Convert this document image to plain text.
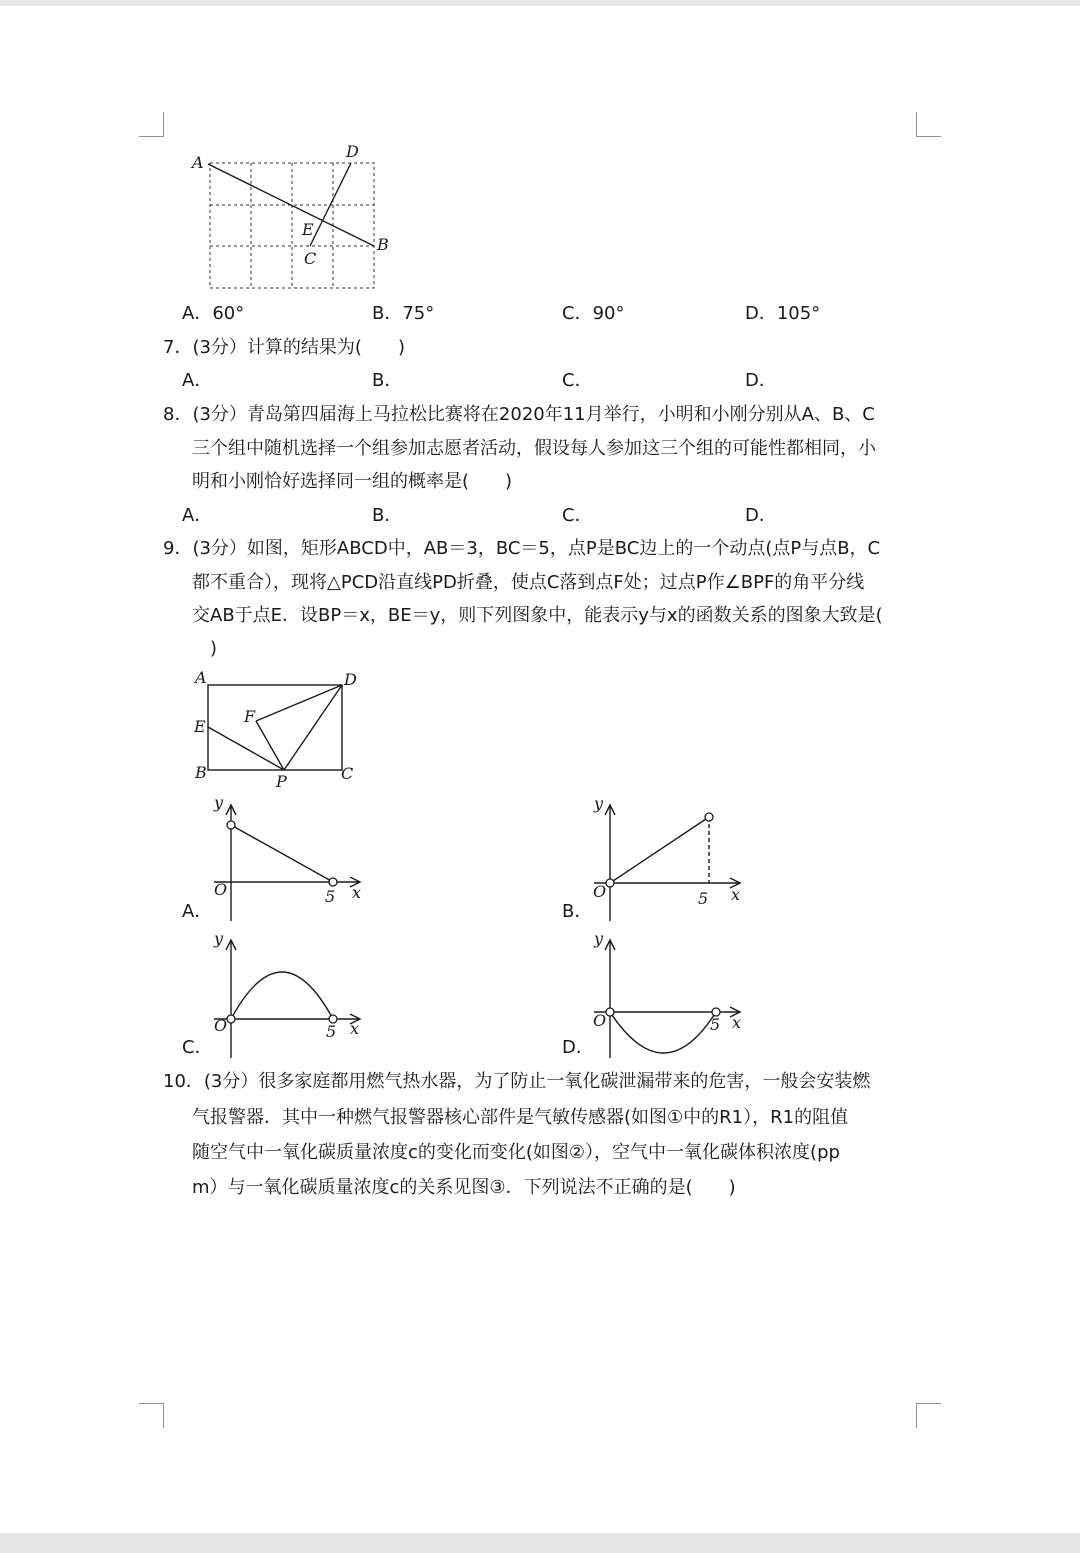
A
D
E
B
C
A．60°	B．75°	C．90°	D．105°
7．(3分）计算的结果为(　　)
A．	B．	C．	D．
8．(3分）青岛第四届海上马拉松比赛将在2020年11月举行，小明和小刚分别从A、B、C
三个组中随机选择一个组参加志愿者活动，假设每人参加这三个组的可能性都相同，小
明和小刚恰好选择同一组的概率是(　　)
A．	B．	C．	D．
9．(3分）如图，矩形ABCD中，AB＝3，BC＝5，点P是BC边上的一个动点(点P与点B，C
都不重合），现将△PCD沿直线PD折叠，使点C落到点F处；过点P作∠BPF的角平分线
交AB于点E．设BP＝x，BE＝y，则下列图象中，能表示y与x的函数关系的图象大致是(
)
A	D
E
F
B	P	C
y
O	5 x
A．
y
O	5 x
B．
y
O	5 x
C．
y
O	5 x
D．
10．(3分）很多家庭都用燃气热水器，为了防止一氧化碳泄漏带来的危害，一般会安装燃
气报警器．其中一种燃气报警器核心部件是气敏传感器(如图①中的R1），R1的阻值
随空气中一氧化碳质量浓度c的变化而变化(如图②），空气中一氧化碳体积浓度(pp
m）与一氧化碳质量浓度c的关系见图③．下列说法不正确的是(　　)
